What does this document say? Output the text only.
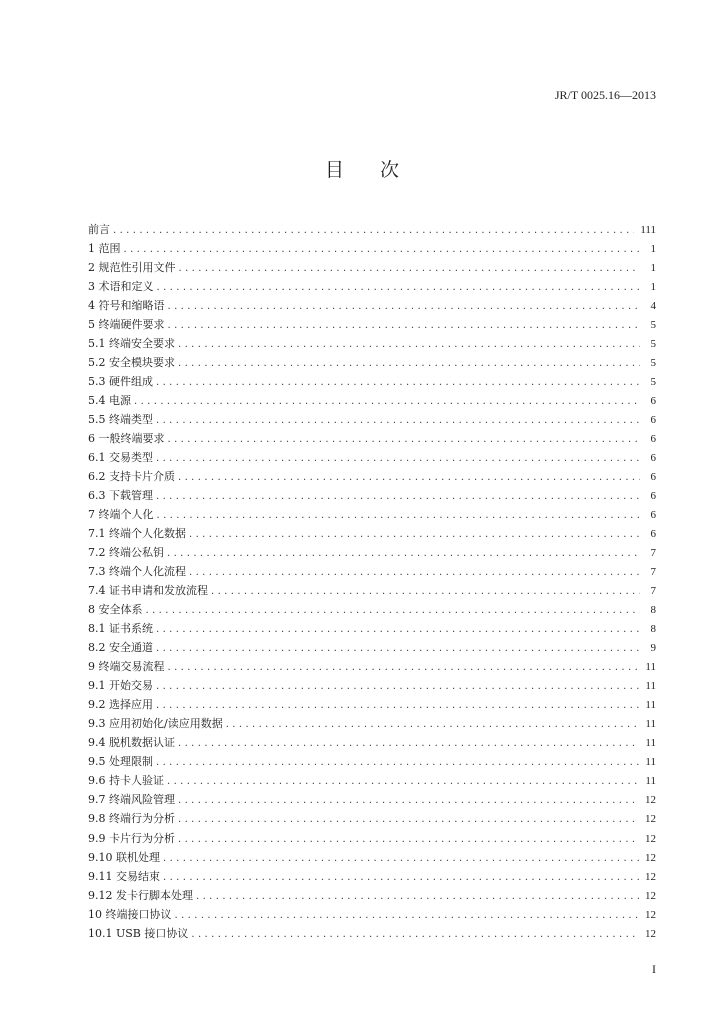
JR/T 0025.16—2013
目次
前言 .....	111
1 范围 .....	1
2 规范性引用文件 .....	1
3 术语和定义 .....	1
4 符号和缩略语 .....	4
5 终端硬件要求 .....	5
5.1 终端安全要求 .....	5
5.2 安全模块要求 .....	5
5.3 硬件组成 .....	5
5.4 电源 .....	6
5.5 终端类型 .....	6
6 一般终端要求 .....	6
6.1 交易类型 .....	6
6.2 支持卡片介质 .....	6
6.3 下载管理 .....	6
7 终端个人化 .....	6
7.1 终端个人化数据 .....	6
7.2 终端公私钥 .....	7
7.3 终端个人化流程 .....	7
7.4 证书申请和发放流程 .....	7
8 安全体系 .....	8
8.1 证书系统 .....	8
8.2 安全通道 .....	9
9 终端交易流程 .....	11
9.1 开始交易 .....	11
9.2 选择应用 .....	11
9.3 应用初始化/读应用数据 .....	11
9.4 脱机数据认证 .....	11
9.5 处理限制 .....	11
9.6 持卡人验证 .....	11
9.7 终端风险管理 .....	12
9.8 终端行为分析 .....	12
9.9 卡片行为分析 .....	12
9.10 联机处理 .....	12
9.11 交易结束 .....	12
9.12 发卡行脚本处理 .....	12
10 终端接口协议 .....	12
10.1 USB 接口协议 .....	12
I
